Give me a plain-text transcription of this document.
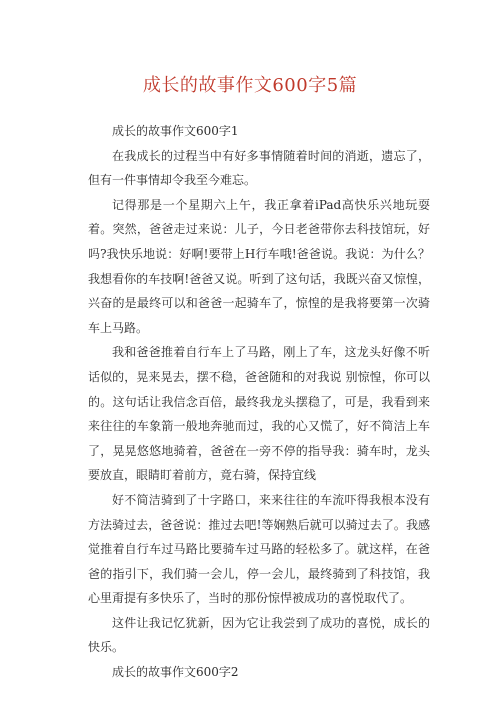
成长的故事作文600字5篇

成长的故事作文600字1

在我成长的过程当中有好多事情随着时间的消逝，遗忘了，但有一件事情却令我至今难忘。

记得那是一个星期六上午，我正拿着iPad高快乐兴地玩耍着。突然，爸爸走过来说：儿子，今日老爸带你去科技馆玩，好吗?我快乐地说：好啊!要带上H行车哦!爸爸说。我说：为什么？我想看你的车技啊!爸爸又说。听到了这句话，我既兴奋又惊惶，兴奋的是最终可以和爸爸一起骑车了，惊惶的是我将要第一次骑车上马路。

我和爸爸推着自行车上了马路，刚上了车，这龙头好像不听话似的，晃来晃去，摆不稳，爸爸随和的对我说 别惊惶，你可以的。这句话让我信念百倍，最终我龙头摆稳了，可是，我看到来来往往的车象箭一般地奔驰而过，我的心又慌了，好不简洁上车了，晃晃悠悠地骑着，爸爸在一旁不停的指导我：骑车时，龙头要放直，眼睛盯着前方，竟右骑，保持宜线

好不简洁骑到了十字路口，来来往往的车流吓得我根本没有方法骑过去，爸爸说：推过去吧!等娴熟后就可以骑过去了。我感觉推着自行车过马路比要骑车过马路的轻松多了。就这样，在爸爸的指引下，我们骑一会儿，停一会儿，最终骑到了科技馆，我心里甭提有多快乐了，当时的那份惊悍被成功的喜悦取代了。

这件让我记忆犹新，因为它让我尝到了成功的喜悦，成长的快乐。

成长的故事作文600字2
